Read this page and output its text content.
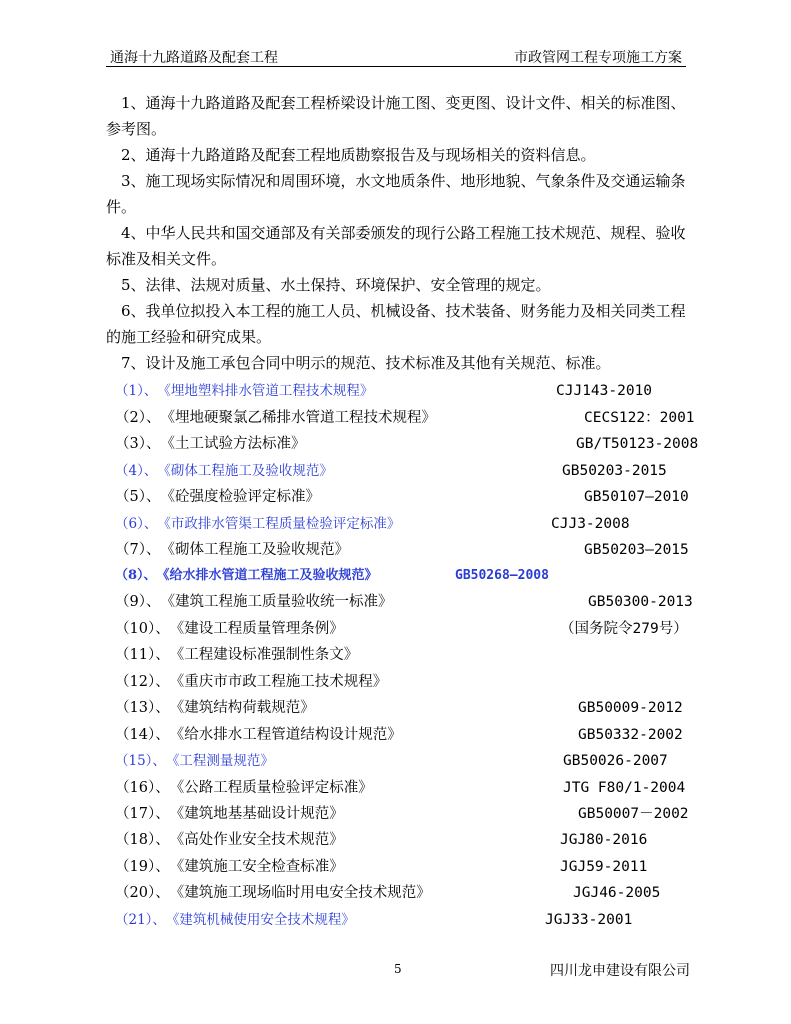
通海十九路道路及配套工程	市政管网工程专项施工方案

1、通海十九路道路及配套工程桥梁设计施工图、变更图、设计文件、相关的标准图、参考图。

2、通海十九路道路及配套工程地质勘察报告及与现场相关的资料信息。

3、施工现场实际情况和周围环境，水文地质条件、地形地貌、气象条件及交通运输条件。

4、中华人民共和国交通部及有关部委颁发的现行公路工程施工技术规范、规程、验收标准及相关文件。

5、法律、法规对质量、水土保持、环境保护、安全管理的规定。

6、我单位拟投入本工程的施工人员、机械设备、技术装备、财务能力及相关同类工程的施工经验和研究成果。

7、设计及施工承包合同中明示的规范、技术标准及其他有关规范、标准。

（1）、《埋地塑料排水管道工程技术规程》	CJJ143-2010
（2）、《埋地硬聚氯乙稀排水管道工程技术规程》	CECS122：2001
（3）、《土工试验方法标准》	GB/T50123-2008
（4）、《砌体工程施工及验收规范》	GB50203-2015
（5）、《砼强度检验评定标准》	GB50107—2010
（6）、《市政排水管渠工程质量检验评定标准》	CJJ3-2008
（7）、《砌体工程施工及验收规范》	GB50203—2015
（8）、《给水排水管道工程施工及验收规范》	GB50268—2008
（9）、《建筑工程施工质量验收统一标准》	GB50300-2013
（10）、《建设工程质量管理条例》	（国务院令279号）
（11）、《工程建设标准强制性条文》
（12）、《重庆市市政工程施工技术规程》
（13）、《建筑结构荷载规范》	GB50009-2012
（14）、《给水排水工程管道结构设计规范》	GB50332-2002
（15）、《工程测量规范》	GB50026-2007
（16）、《公路工程质量检验评定标准》	JTG F80/1-2004
（17）、《建筑地基基础设计规范》	GB50007－2002
（18）、《高处作业安全技术规范》	JGJ80-2016
（19）、《建筑施工安全检查标准》	JGJ59-2011
（20）、《建筑施工现场临时用电安全技术规范》	JGJ46-2005
（21）、《建筑机械使用安全技术规程》	JGJ33-2001
5	四川龙申建设有限公司
